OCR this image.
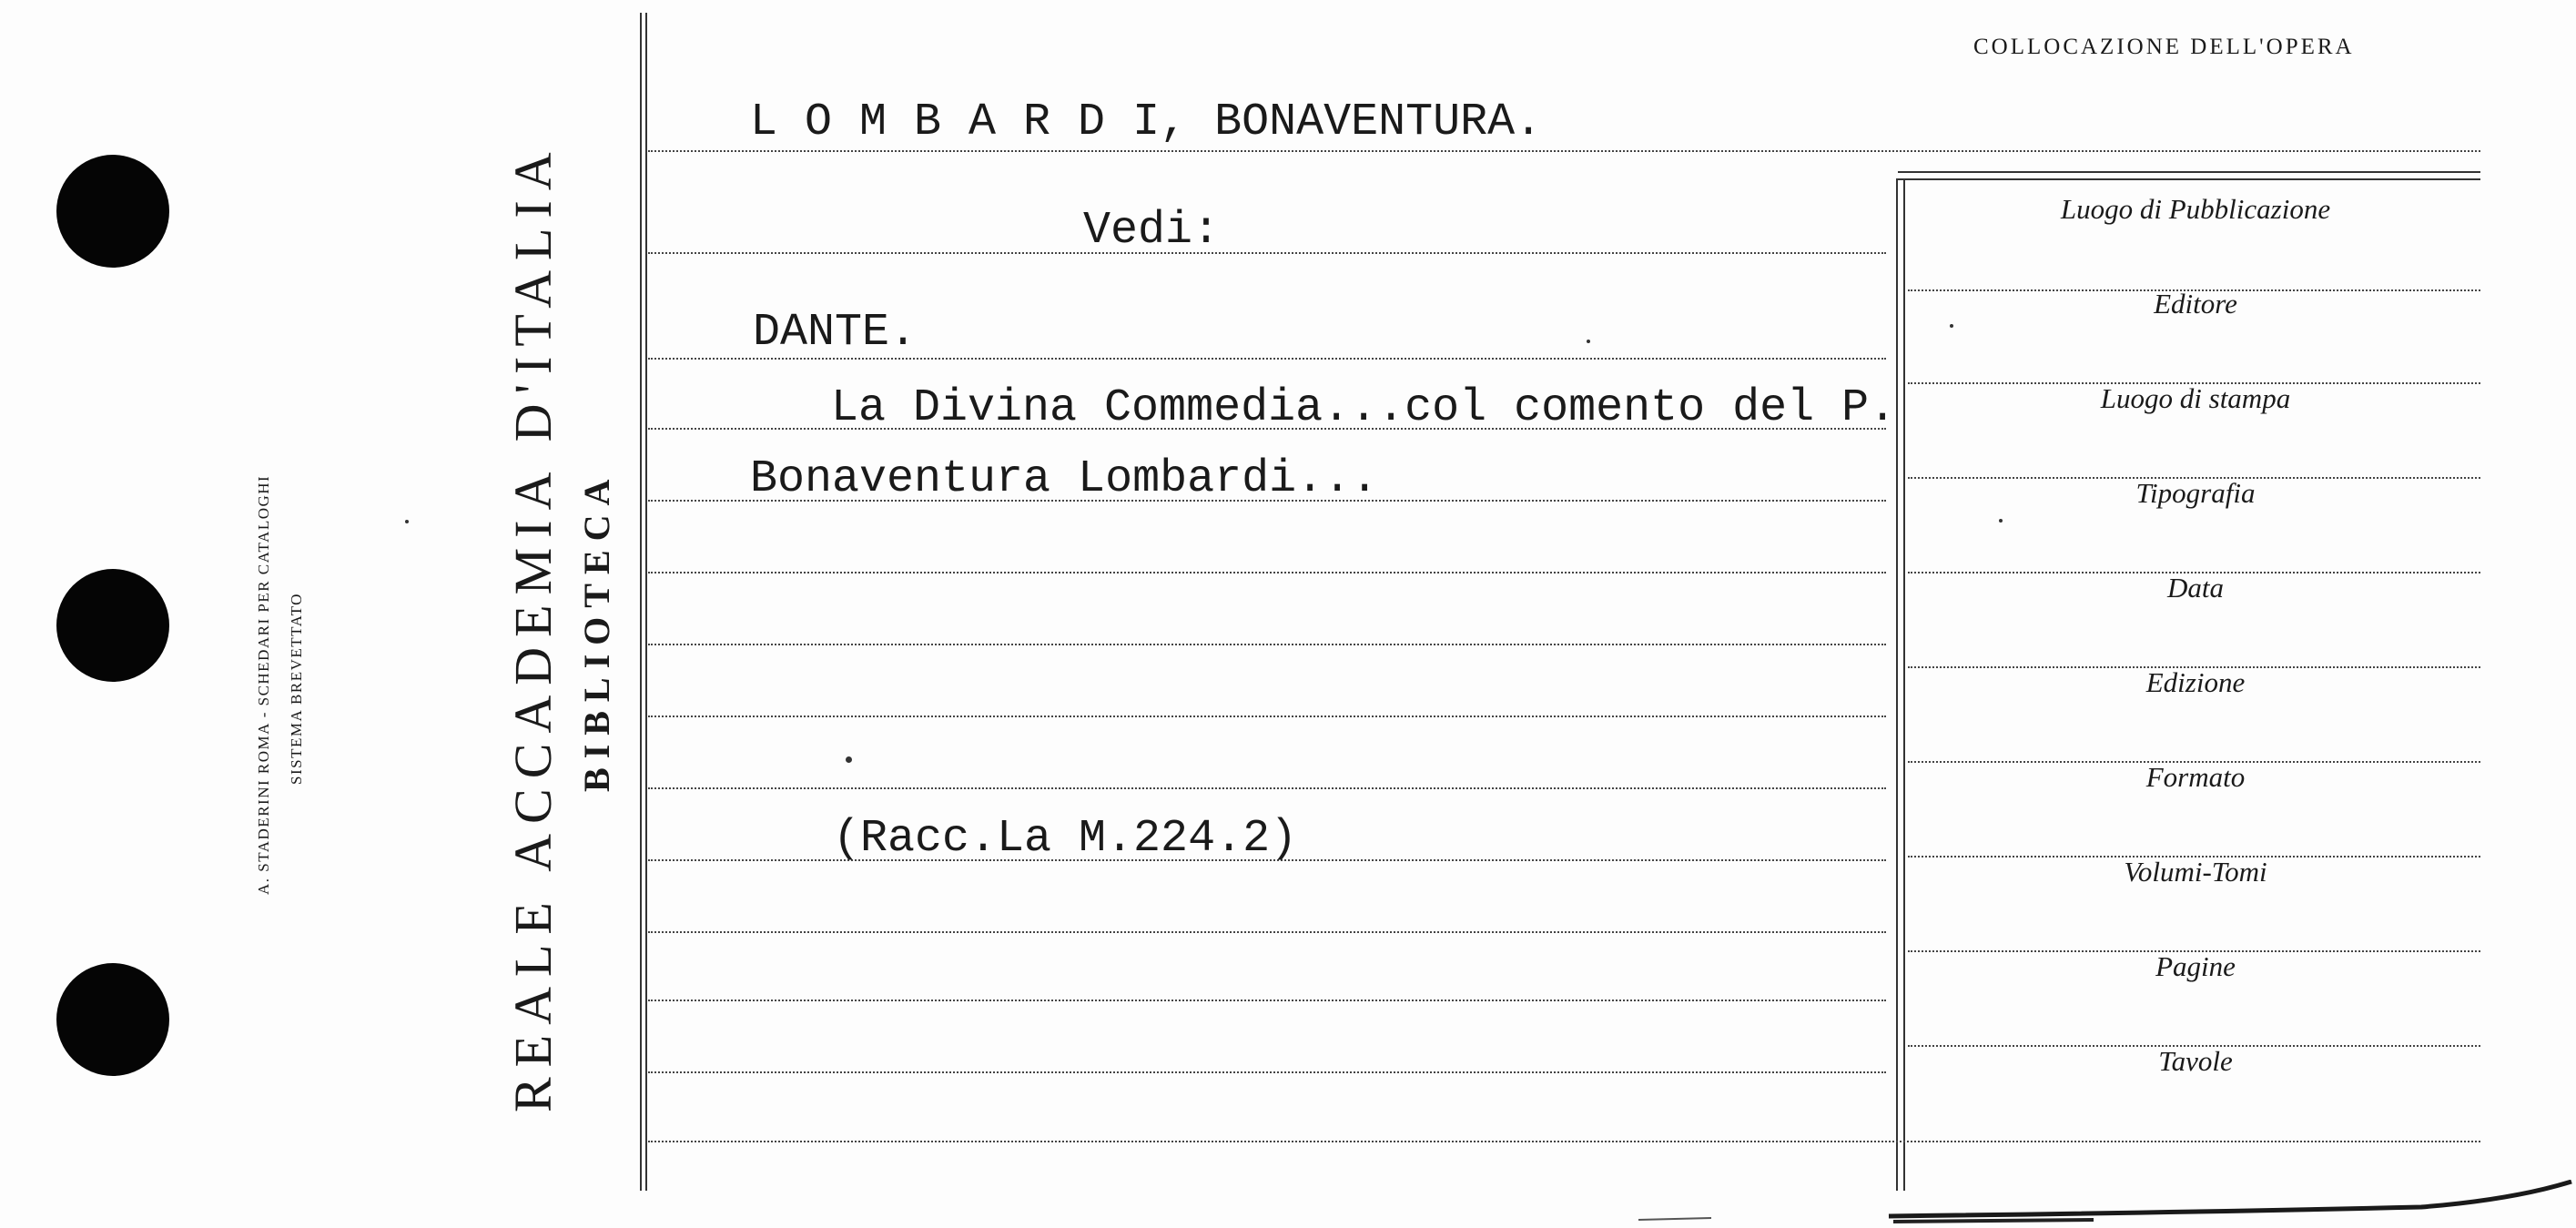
A. STADERINI ROMA - SCHEDARI PER CATALOGHI SISTEMA BREVETTATO	REALE ACCADEMIA D'ITALIA BIBLIOTECA
COLLOCAZIONE DELL'OPERA
L O M B A R D I, BONAVENTURA.
Vedi:
DANTE.
La Divina Commedia...col comento del P.
Bonaventura Lombardi...
(Racc.La M.224.2)
Luogo di Pubblicazione
Editore
Luogo di stampa
Tipografia
Data
Edizione
Formato
Volumi-Tomi
Pagine
Tavole
